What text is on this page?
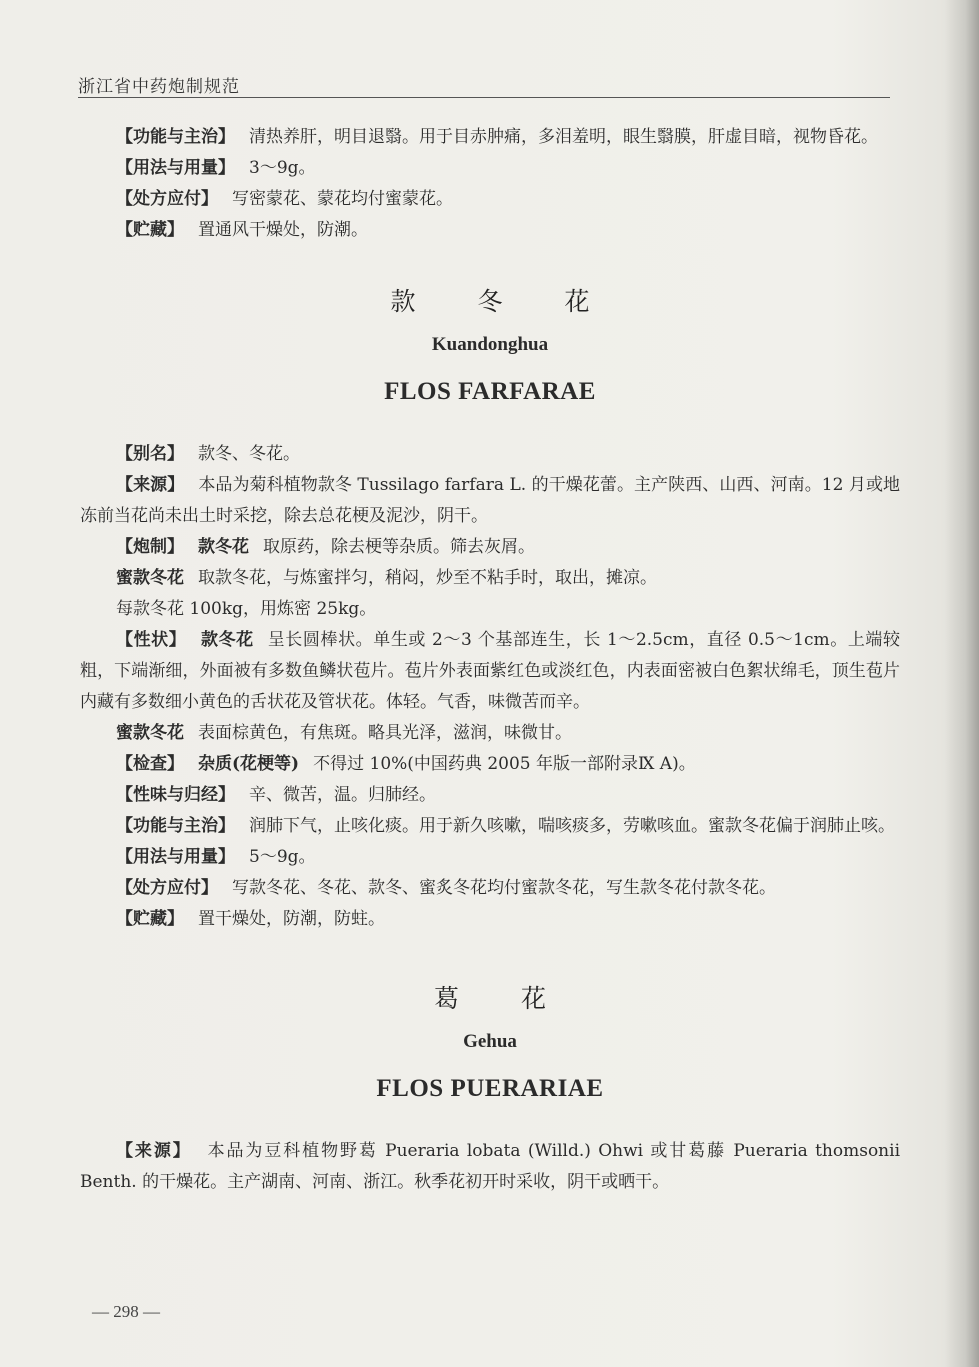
浙江省中药炮制规范

【功能与主治】 清热养肝，明目退翳。用于目赤肿痛，多泪羞明，眼生翳膜，肝虚目暗，视物昏花。

【用法与用量】 3～9g。

【处方应付】 写密蒙花、蒙花均付蜜蒙花。

【贮藏】 置通风干燥处，防潮。

款冬花

Kuandonghua

FLOS FARFARAE

【别名】 款冬、冬花。

【来源】 本品为菊科植物款冬 Tussilago farfara L. 的干燥花蕾。主产陕西、山西、河南。12 月或地冻前当花尚未出土时采挖，除去总花梗及泥沙，阴干。

【炮制】 款冬花 取原药，除去梗等杂质。筛去灰屑。

蜜款冬花 取款冬花，与炼蜜拌匀，稍闷，炒至不粘手时，取出，摊凉。

每款冬花 100kg，用炼密 25kg。

【性状】 款冬花 呈长圆棒状。单生或 2～3 个基部连生，长 1～2.5cm，直径 0.5～1cm。上端较粗，下端渐细，外面被有多数鱼鳞状苞片。苞片外表面紫红色或淡红色，内表面密被白色絮状绵毛，顶生苞片内藏有多数细小黄色的舌状花及管状花。体轻。气香，味微苦而辛。

蜜款冬花 表面棕黄色，有焦斑。略具光泽，滋润，味微甘。

【检查】 杂质(花梗等) 不得过 10%(中国药典 2005 年版一部附录Ⅸ A)。

【性味与归经】 辛、微苦，温。归肺经。

【功能与主治】 润肺下气，止咳化痰。用于新久咳嗽，喘咳痰多，劳嗽咳血。蜜款冬花偏于润肺止咳。

【用法与用量】 5～9g。

【处方应付】 写款冬花、冬花、款冬、蜜炙冬花均付蜜款冬花，写生款冬花付款冬花。

【贮藏】 置干燥处，防潮，防蛀。

葛花

Gehua

FLOS PUERARIAE

【来源】 本品为豆科植物野葛 Pueraria lobata (Willd.) Ohwi 或甘葛藤 Pueraria thomsonii Benth. 的干燥花。主产湖南、河南、浙江。秋季花初开时采收，阴干或晒干。

— 298 —
